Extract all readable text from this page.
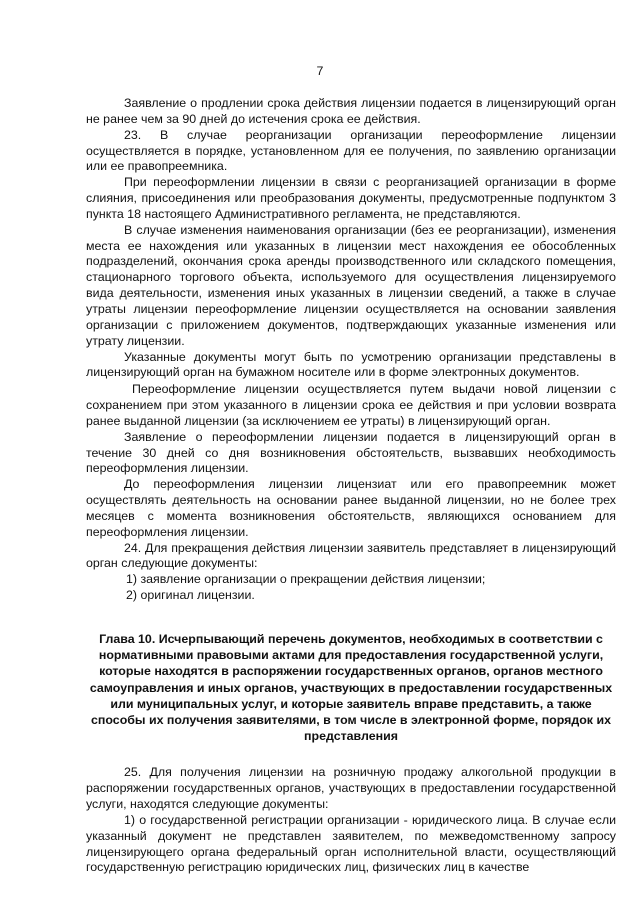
7

Заявление о продлении срока действия лицензии подается в лицензирующий орган не ранее чем за 90 дней до истечения срока ее действия.

23. В случае реорганизации организации переоформление лицензии осуществляется в порядке, установленном для ее получения, по заявлению организации или ее правопреемника.

При переоформлении лицензии в связи с реорганизацией организации в форме слияния, присоединения или преобразования документы, предусмотренные подпунктом 3 пункта 18 настоящего Административного регламента, не представляются.

В случае изменения наименования организации (без ее реорганизации), изменения места ее нахождения или указанных в лицензии мест нахождения ее обособленных подразделений, окончания срока аренды производственного или складского помещения, стационарного торгового объекта, используемого для осуществления лицензируемого вида деятельности, изменения иных указанных в лицензии сведений, а также в случае утраты лицензии переоформление лицензии осуществляется на основании заявления организации с приложением документов, подтверждающих указанные изменения или утрату лицензии.

Указанные документы могут быть по усмотрению организации представлены в лицензирующий орган на бумажном носителе или в форме электронных документов.

Переоформление лицензии осуществляется путем выдачи новой лицензии с сохранением при этом указанного в лицензии срока ее действия и при условии возврата ранее выданной лицензии (за исключением ее утраты) в лицензирующий орган.

Заявление о переоформлении лицензии подается в лицензирующий орган в течение 30 дней со дня возникновения обстоятельств, вызвавших необходимость переоформления лицензии.

До переоформления лицензии лицензиат или его правопреемник может осуществлять деятельность на основании ранее выданной лицензии, но не более трех месяцев с момента возникновения обстоятельств, являющихся основанием для переоформления лицензии.

24. Для прекращения действия лицензии заявитель представляет в лицензирующий орган следующие документы:

1) заявление организации о прекращении действия лицензии;

2) оригинал лицензии.

Глава 10. Исчерпывающий перечень документов, необходимых в соответствии с нормативными правовыми актами для предоставления государственной услуги, которые находятся в распоряжении государственных органов, органов местного самоуправления и иных органов, участвующих в предоставлении государственных или муниципальных услуг, и которые заявитель вправе представить, а также способы их получения заявителями, в том числе в электронной форме, порядок их представления

25. Для получения лицензии на розничную продажу алкогольной продукции в распоряжении государственных органов, участвующих в предоставлении государственной услуги, находятся следующие документы:

1) о государственной регистрации организации - юридического лица. В случае если указанный документ не представлен заявителем, по межведомственному запросу лицензирующего органа федеральный орган исполнительной власти, осуществляющий государственную регистрацию юридических лиц, физических лиц в качестве
